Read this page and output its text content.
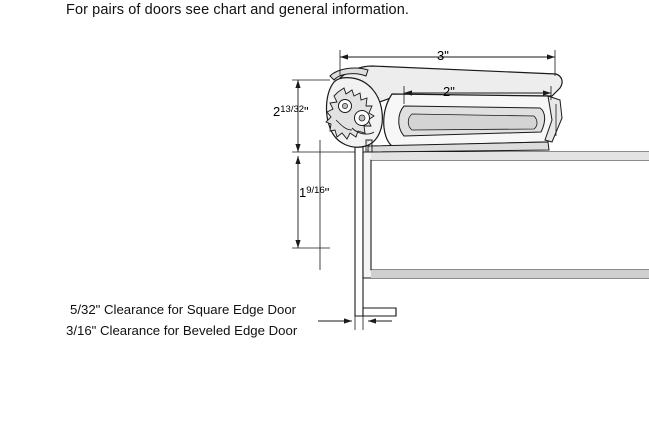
For pairs of doors see chart and general information.
3"
2"
$2^{13/32}$"
$1^{9/16}$"
5/32" Clearance for Square Edge Door
3/16" Clearance for Beveled Edge Door
